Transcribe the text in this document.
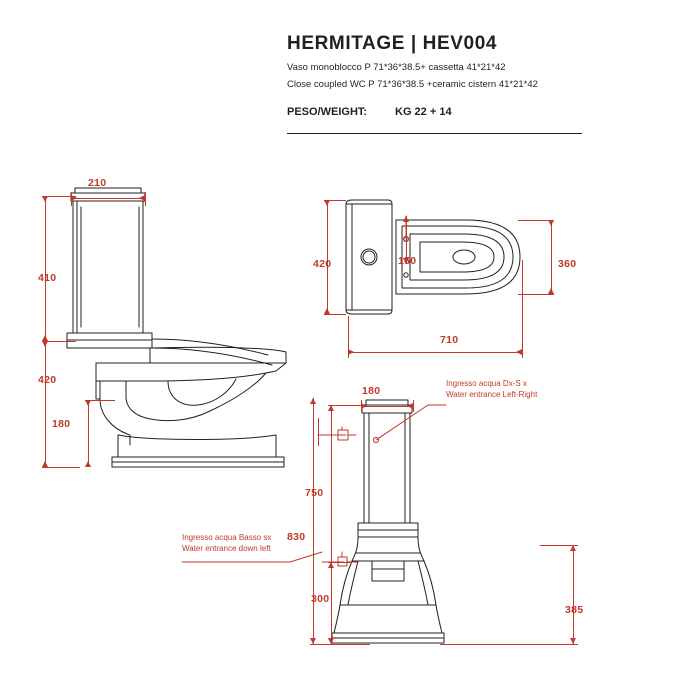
HERMITAGE | HEV004
Vaso monoblocco P 71*36*38.5+ cassetta 41*21*42
Close coupled WC P 71*36*38.5 +ceramic cistern 41*21*42
PESO/WEIGHT:	KG 22 + 14
210
410
420
180
420	150	360
710
180
Ingresso acqua Dx-S x
Water entrance Left-Right
750
830
Ingresso acqua Basso sx
Water entrance down left
300
385
